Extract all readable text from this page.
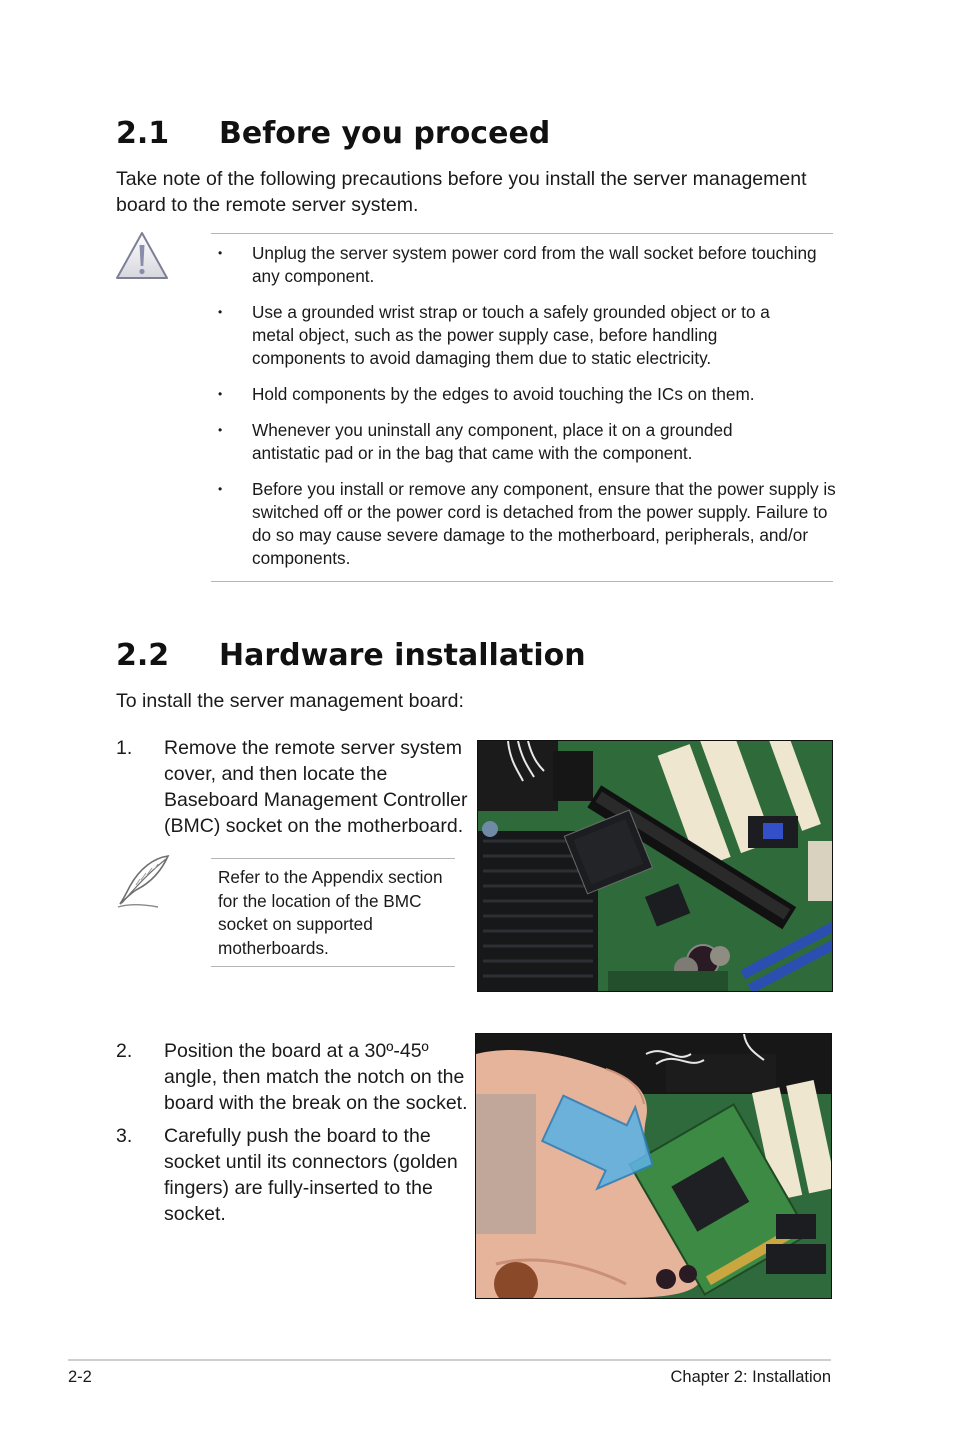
2.1 Before you proceed
Take note of the following precautions before you install the server management board to the remote server system.
• Unplug the server system power cord from the wall socket before touching any component.
• Use a grounded wrist strap or touch a safely grounded object or to a metal object, such as the power supply case, before handling components to avoid damaging them due to static electricity.
• Hold components by the edges to avoid touching the ICs on them.
• Whenever you uninstall any component, place it on a grounded antistatic pad or in the bag that came with the component.
• Before you install or remove any component, ensure that the power supply is switched off or the power cord is detached from the power supply. Failure to do so may cause severe damage to the motherboard, peripherals, and/or components.
2.2 Hardware installation
To install the server management board:
1. Remove the remote server system cover, and then locate the Baseboard Management Controller (BMC) socket on the motherboard.
Refer to the Appendix section for the location of the BMC socket on supported motherboards.
2. Position the board at a 30º-45º angle, then match the notch on the board with the break on the socket.
3. Carefully push the board to the socket until its connectors (golden fingers) are fully-inserted to the socket.
2-2	Chapter 2: Installation
